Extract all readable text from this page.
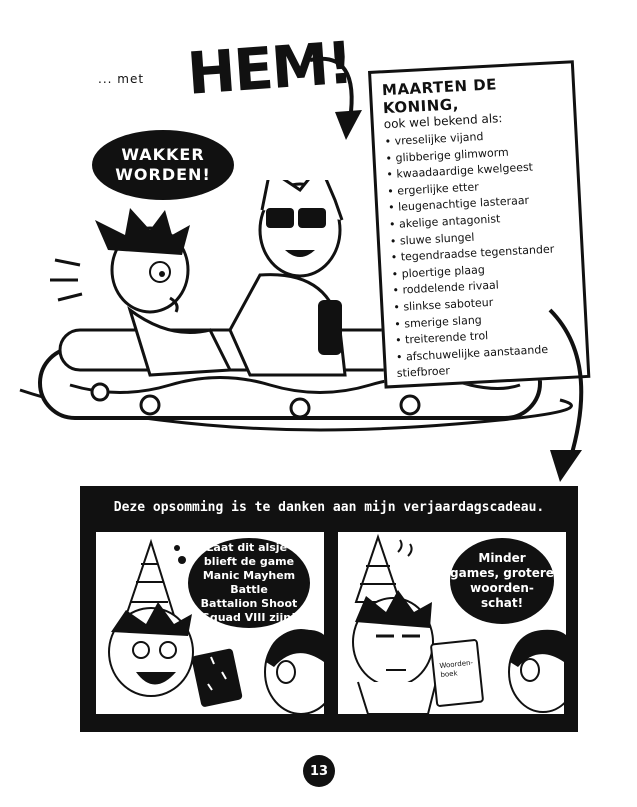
... met HEM!
WAKKER
WORDEN!
MAARTEN DE KONING,
ook wel bekend als:
• vreselijke vijand
• glibberige glimworm
• kwaadaardige kwelgeest
• ergerlijke etter
• leugenachtige lasteraar
• akelige antagonist
• sluwe slungel
• tegendraadse tegenstander
• ploertige plaag
• roddelende rivaal
• slinkse saboteur
• smerige slang
• treiterende trol
• afschuwelijke aanstaande stiefbroer
Deze opsomming is te danken aan mijn verjaardagscadeau.
Laat dit alsje-
blieft de game
Manic Mayhem Battle
Battalion Shoot
Squad VIII zijn!
Woorden-
boek
Minder
games, grotere
woorden-
schat!
13
